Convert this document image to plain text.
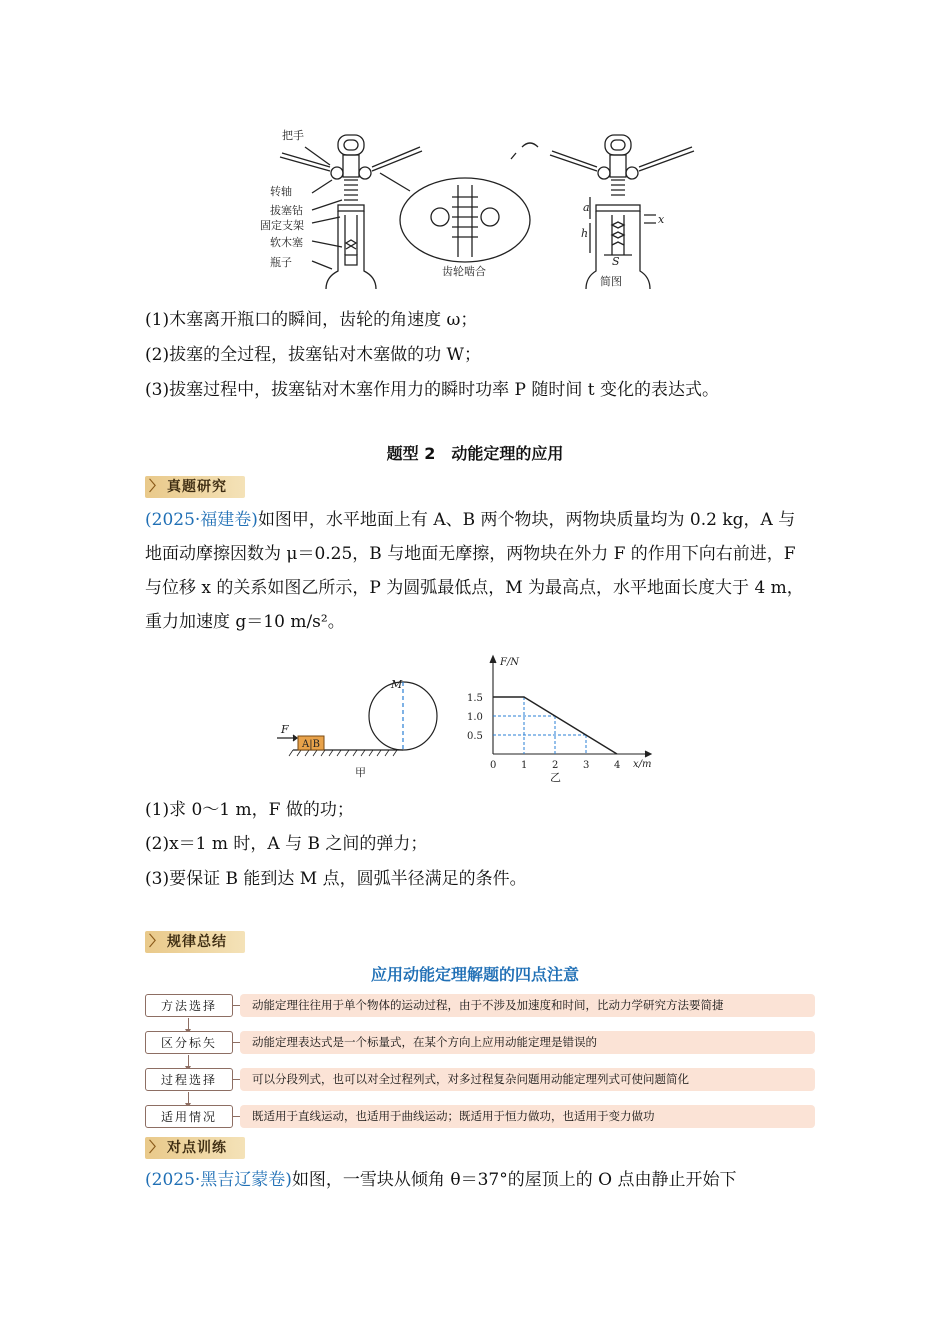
把手
转轴
拔塞钻
固定支架
软木塞
瓶子
齿轮啮合
简图
a
h
x
S
(1)木塞离开瓶口的瞬间，齿轮的角速度 ω；
(2)拔塞的全过程，拔塞钻对木塞做的功 W；
(3)拔塞过程中，拔塞钻对木塞作用力的瞬时功率 P 随时间 t 变化的表达式。
题型 2　动能定理的应用
〉 真题研究
(2025·福建卷)如图甲，水平地面上有 A、B 两个物块，两物块质量均为 0.2 kg，A 与地面动摩擦因数为 μ＝0.25，B 与地面无摩擦，两物块在外力 F 的作用下向右前进，F 与位移 x 的关系如图乙所示，P 为圆弧最低点，M 为最高点，水平地面长度大于 4 m，重力加速度 g＝10 m/s²。
A|B
F
M
甲
0 1 2 3 4
0.5
1.0
1.5
F/N
x/m
乙
(1)求 0～1 m，F 做的功；
(2)x＝1 m 时，A 与 B 之间的弹力；
(3)要保证 B 能到达 M 点，圆弧半径满足的条件。
〉 规律总结
应用动能定理解题的四点注意
方法选择	动能定理往往用于单个物体的运动过程，由于不涉及加速度和时间，比动力学研究方法要简捷
区分标矢	动能定理表达式是一个标量式，在某个方向上应用动能定理是错误的
过程选择	可以分段列式，也可以对全过程列式，对多过程复杂问题用动能定理列式可使问题简化
适用情况	既适用于直线运动，也适用于曲线运动；既适用于恒力做功，也适用于变力做功
〉 对点训练
(2025·黑吉辽蒙卷)如图，一雪块从倾角 θ＝37°的屋顶上的 O 点由静止开始下
